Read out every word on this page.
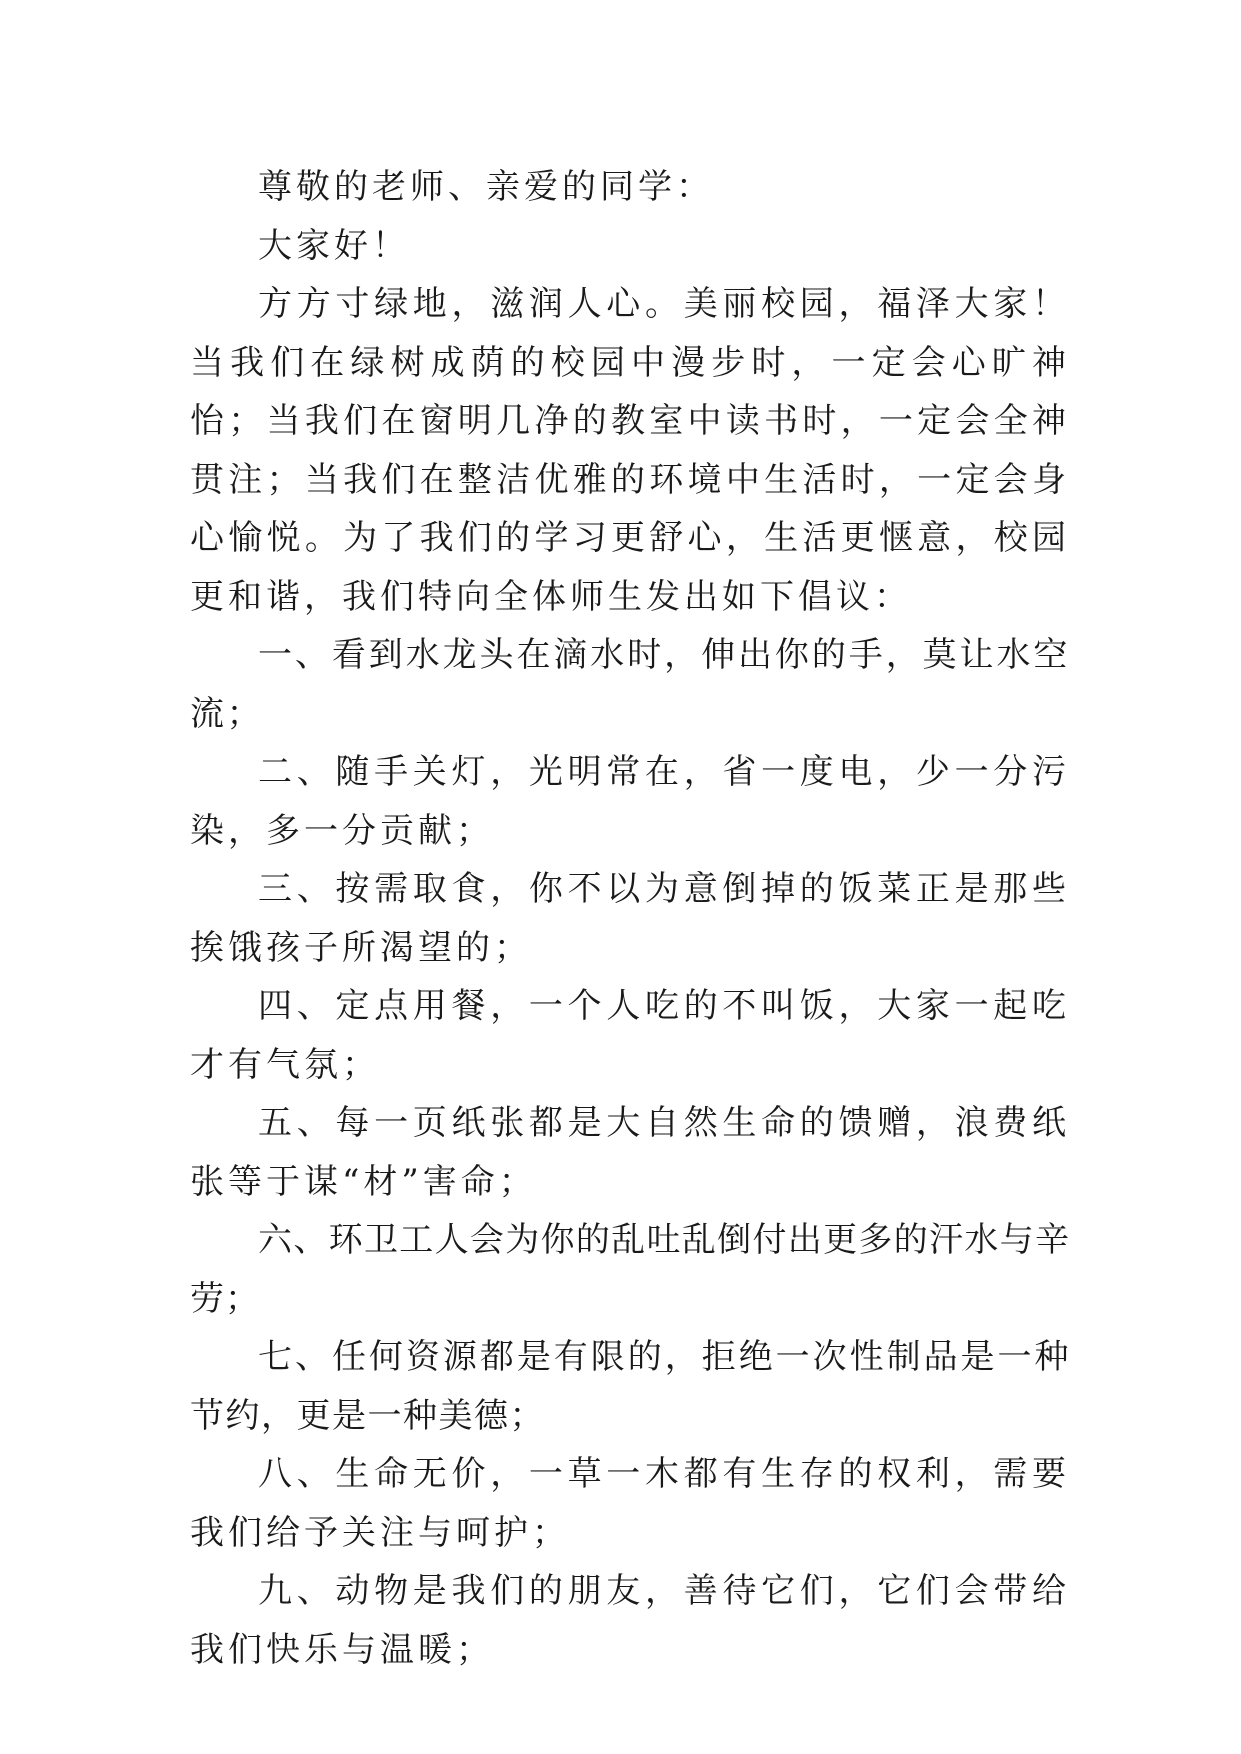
尊敬的老师、亲爱的同学：

大家好！

方方寸绿地，滋润人心。美丽校园，福泽大家！当我们在绿树成荫的校园中漫步时，一定会心旷神怡；当我们在窗明几净的教室中读书时，一定会全神贯注；当我们在整洁优雅的环境中生活时，一定会身心愉悦。为了我们的学习更舒心，生活更惬意，校园更和谐，我们特向全体师生发出如下倡议：

一、看到水龙头在滴水时，伸出你的手，莫让水空流；

二、随手关灯，光明常在，省一度电，少一分污染，多一分贡献；

三、按需取食，你不以为意倒掉的饭菜正是那些挨饿孩子所渴望的；

四、定点用餐，一个人吃的不叫饭，大家一起吃才有气氛；

五、每一页纸张都是大自然生命的馈赠，浪费纸张等于谋“材”害命；

六、环卫工人会为你的乱吐乱倒付出更多的汗水与辛劳；

七、任何资源都是有限的，拒绝一次性制品是一种节约，更是一种美德；

八、生命无价，一草一木都有生存的权利，需要我们给予关注与呵护；

九、动物是我们的朋友，善待它们，它们会带给我们快乐与温暖；
